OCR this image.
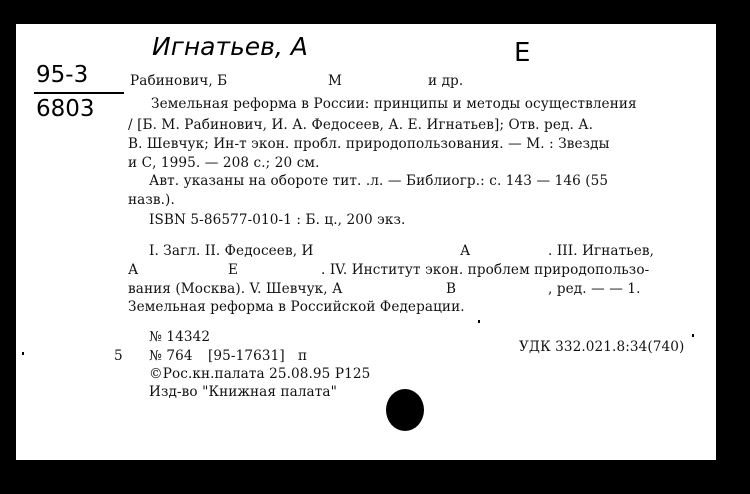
Игнатьев, А	Е
95-3
6803
Рабинович, Б	М	и др.
Земельная реформа в России: принципы и методы осуществления
/ [Б. М. Рабинович, И. А. Федосеев, А. Е. Игнатьев]; Отв. ред. А.
В. Шевчук; Ин-т экон. пробл. природопользования. — М. : Звезды
и С, 1995. — 208 с.; 20 см.
Авт. указаны на обороте тит. .л. — Библиогр.: с. 143 — 146 (55
назв.).
ISBN 5-86577-010-1 : Б. ц., 200 экз.
I. Загл. II. Федосеев, И	А	. III. Игнатьев,
А	Е	. IV. Институт экон. проблем природопользо-
вания (Москва). V. Шевчук, А	В	, ред. — — 1.
Земельная реформа в Российской Федерации.
№ 14342
5 № 764 [95-17631] п
УДК 332.021.8:34(740)
©Рос.кн.палата 25.08.95 Р125
Изд-во "Книжная палата"
